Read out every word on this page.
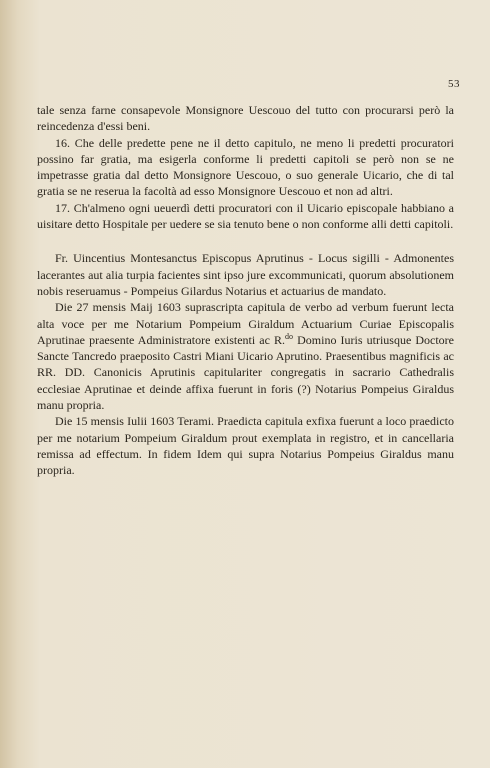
53

tale senza farne consapevole Monsignore Uescouo del tutto con procurarsi però la reincedenza d'essi beni.

16. Che delle predette pene ne il detto capitulo, ne meno li predetti procuratori possino far gratia, ma esigerla conforme li predetti capitoli se però non se ne impetrasse gratia dal detto Monsignore Uescouo, o suo generale Uicario, che di tal gratia se ne reserua la facoltà ad esso Monsignore Uescouo et non ad altri.

17. Ch'almeno ogni ueuerdì detti procuratori con il Uicario episcopale habbiano a uisitare detto Hospitale per uedere se sia tenuto bene o non conforme alli detti capitoli.

Fr. Uincentius Montesanctus Episcopus Aprutinus - Locus sigilli - Admonentes lacerantes aut alia turpia facientes sint ipso jure excommunicati, quorum absolutionem nobis reseruamus - Pompeius Gilardus Notarius et actuarius de mandato.

Die 27 mensis Maij 1603 suprascripta capitula de verbo ad verbum fuerunt lecta alta voce per me Notarium Pompeium Giraldum Actuarium Curiae Episcopalis Aprutinae praesente Administratore existenti ac R.$^{do}$ Domino Iuris utriusque Doctore Sancte Tancredo praeposito Castri Miani Uicario Aprutino. Praesentibus magnificis ac RR. DD. Canonicis Aprutinis capitulariter congregatis in sacrario Cathedralis ecclesiae Aprutinae et deinde affixa fuerunt in foris (?) Notarius Pompeius Giraldus manu propria.

Die 15 mensis Iulii 1603 Terami. Praedicta capitula exfixa fuerunt a loco praedicto per me notarium Pompeium Giraldum prout exemplata in registro, et in cancellaria remissa ad effectum. In fidem Idem qui supra Notarius Pompeius Giraldus manu propria.
